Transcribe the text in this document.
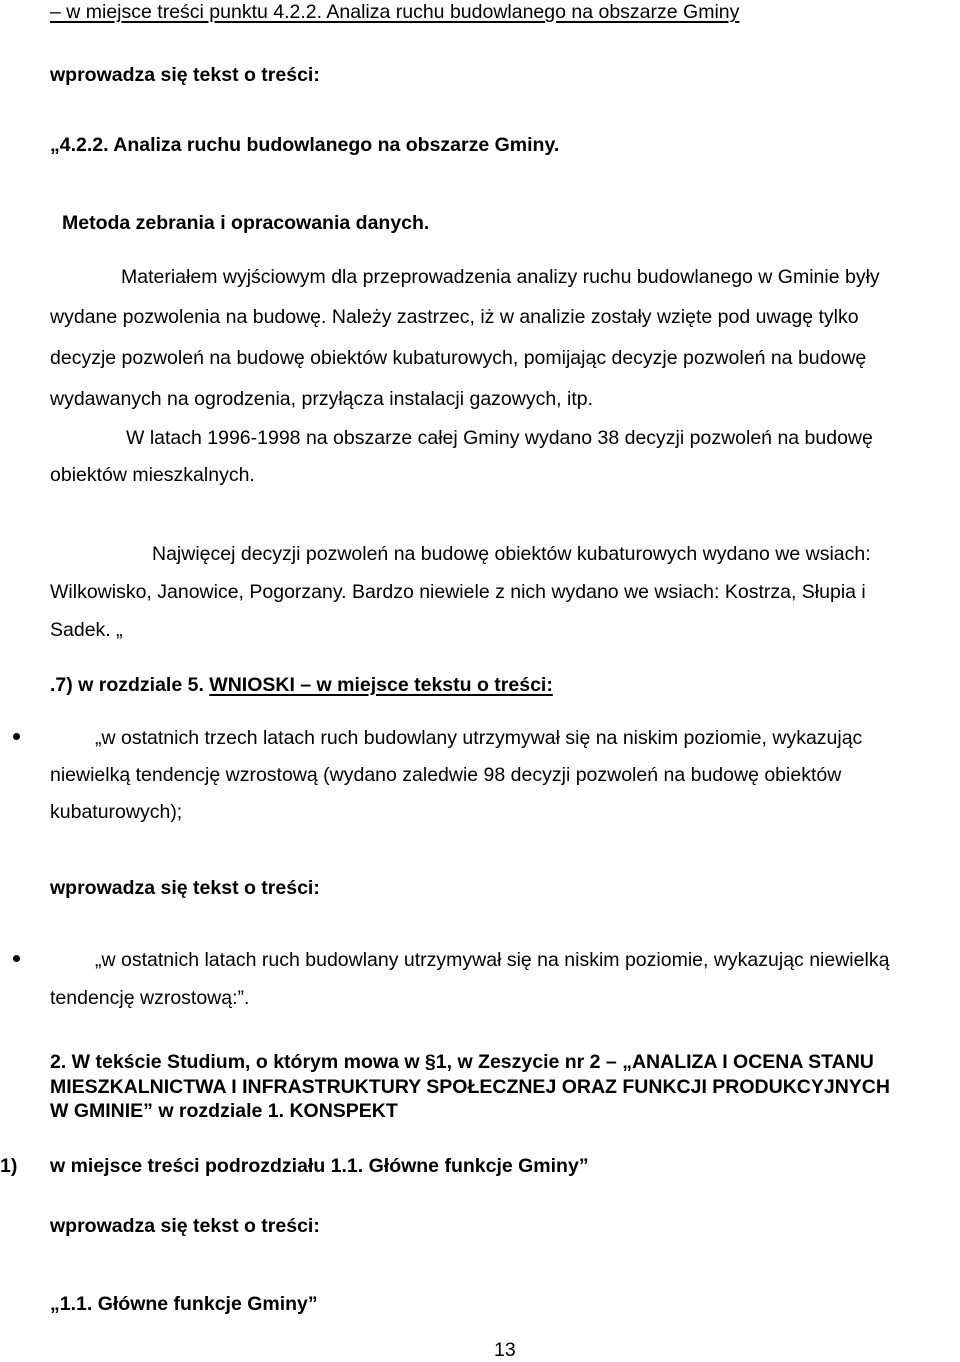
– w miejsce treści punktu 4.2.2. Analiza ruchu budowlanego na obszarze Gminy
wprowadza się tekst o treści:
„4.2.2. Analiza ruchu budowlanego na obszarze Gminy.
Metoda zebrania i opracowania danych.
Materiałem wyjściowym dla przeprowadzenia analizy ruchu budowlanego w Gminie były
wydane pozwolenia na budowę. Należy zastrzec, iż w analizie zostały wzięte pod uwagę tylko
decyzje pozwoleń na budowę obiektów kubaturowych, pomijając decyzje pozwoleń na budowę
wydawanych na ogrodzenia, przyłącza instalacji gazowych, itp.
W latach 1996-1998 na obszarze całej Gminy wydano 38 decyzji pozwoleń na budowę
obiektów mieszkalnych.
Najwięcej decyzji pozwoleń na budowę obiektów kubaturowych wydano we wsiach:
Wilkowisko, Janowice, Pogorzany. Bardzo niewiele z nich wydano we wsiach: Kostrza, Słupia i
Sadek. „
.7) w rozdziale 5. WNIOSKI – w miejsce tekstu o treści:
„w ostatnich trzech latach ruch budowlany utrzymywał się na niskim poziomie, wykazując
niewielką tendencję wzrostową (wydano zaledwie 98 decyzji pozwoleń na budowę obiektów
kubaturowych);
wprowadza się tekst o treści:
„w ostatnich latach ruch budowlany utrzymywał się na niskim poziomie, wykazując niewielką
tendencję wzrostową:”.
2. W tekście Studium, o którym mowa w §1, w Zeszycie nr 2 – „ANALIZA I OCENA STANU
MIESZKALNICTWA I INFRASTRUKTURY SPOŁECZNEJ ORAZ FUNKCJI PRODUKCYJNYCH
W GMINIE” w rozdziale 1. KONSPEKT
1) w miejsce treści podrozdziału 1.1. Główne funkcje Gminy”
wprowadza się tekst o treści:
„1.1. Główne funkcje Gminy”
13
